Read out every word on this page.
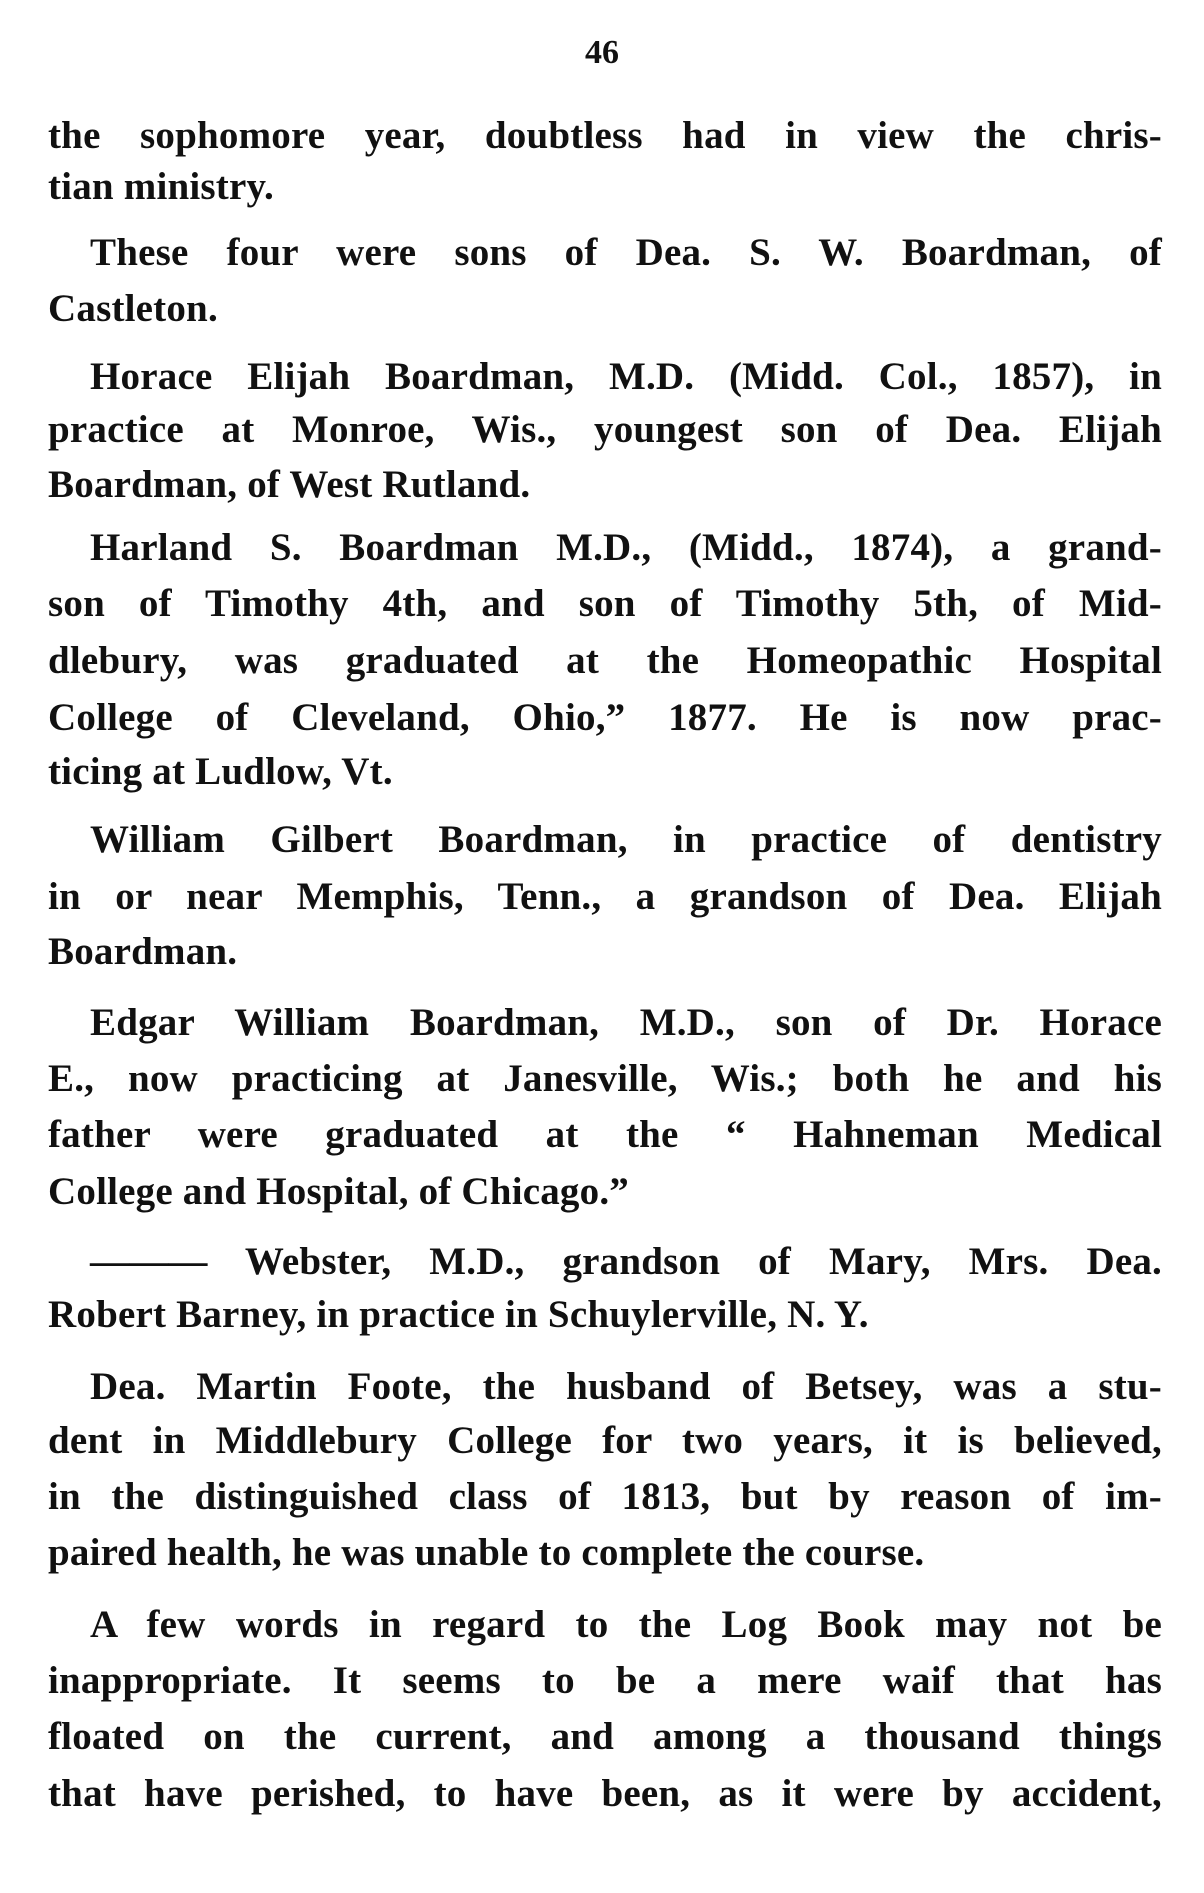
46
the sophomore year, doubtless had in view the chris-
tian ministry.
These four were sons of Dea. S. W. Boardman, of
Castleton.
Horace Elijah Boardman, M.D. (Midd. Col., 1857), in
practice at Monroe, Wis., youngest son of Dea. Elijah
Boardman, of West Rutland.
Harland S. Boardman M.D., (Midd., 1874), a grand-
son of Timothy 4th, and son of Timothy 5th, of Mid-
dlebury, was graduated at the Homeopathic Hospital
College of Cleveland, Ohio,” 1877. He is now prac-
ticing at Ludlow, Vt.
William Gilbert Boardman, in practice of dentistry
in or near Memphis, Tenn., a grandson of Dea. Elijah
Boardman.
Edgar William Boardman, M.D., son of Dr. Horace
E., now practicing at Janesville, Wis.; both he and his
father were graduated at the “ Hahneman Medical
College and Hospital, of Chicago.”
——— Webster, M.D., grandson of Mary, Mrs. Dea.
Robert Barney, in practice in Schuylerville, N. Y.
Dea. Martin Foote, the husband of Betsey, was a stu-
dent in Middlebury College for two years, it is believed,
in the distinguished class of 1813, but by reason of im-
paired health, he was unable to complete the course.
A few words in regard to the Log Book may not be
inappropriate. It seems to be a mere waif that has
floated on the current, and among a thousand things
that have perished, to have been, as it were by accident,
